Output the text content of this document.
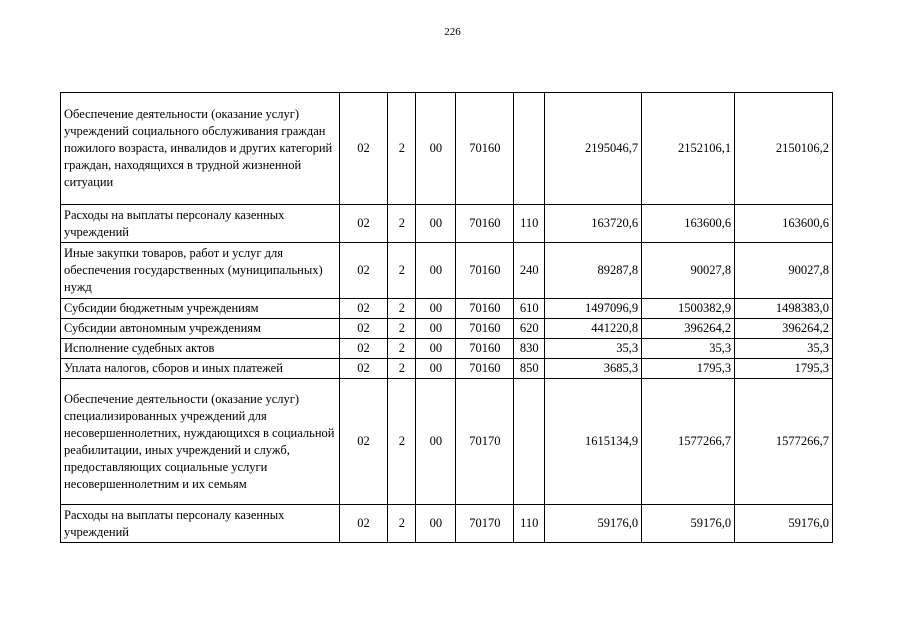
226
Обеспечение деятельности (оказание услуг) учреждений социального обслуживания граждан пожилого возраста, инвалидов и других категорий граждан, находящихся в трудной жизненной ситуации	02	2	00	70160		2195046,7	2152106,1	2150106,2
Расходы на выплаты персоналу казенных учреждений	02	2	00	70160	110	163720,6	163600,6	163600,6
Иные закупки товаров, работ и услуг для обеспечения государственных (муниципальных) нужд	02	2	00	70160	240	89287,8	90027,8	90027,8
Субсидии бюджетным учреждениям	02	2	00	70160	610	1497096,9	1500382,9	1498383,0
Субсидии автономным учреждениям	02	2	00	70160	620	441220,8	396264,2	396264,2
Исполнение судебных актов	02	2	00	70160	830	35,3	35,3	35,3
Уплата налогов, сборов и иных платежей	02	2	00	70160	850	3685,3	1795,3	1795,3
Обеспечение деятельности (оказание услуг) специализированных учреждений для несовершеннолетних, нуждающихся в социальной реабилитации, иных учреждений и служб, предоставляющих социальные услуги несовершеннолетним и их семьям	02	2	00	70170		1615134,9	1577266,7	1577266,7
Расходы на выплаты персоналу казенных учреждений	02	2	00	70170	110	59176,0	59176,0	59176,0
